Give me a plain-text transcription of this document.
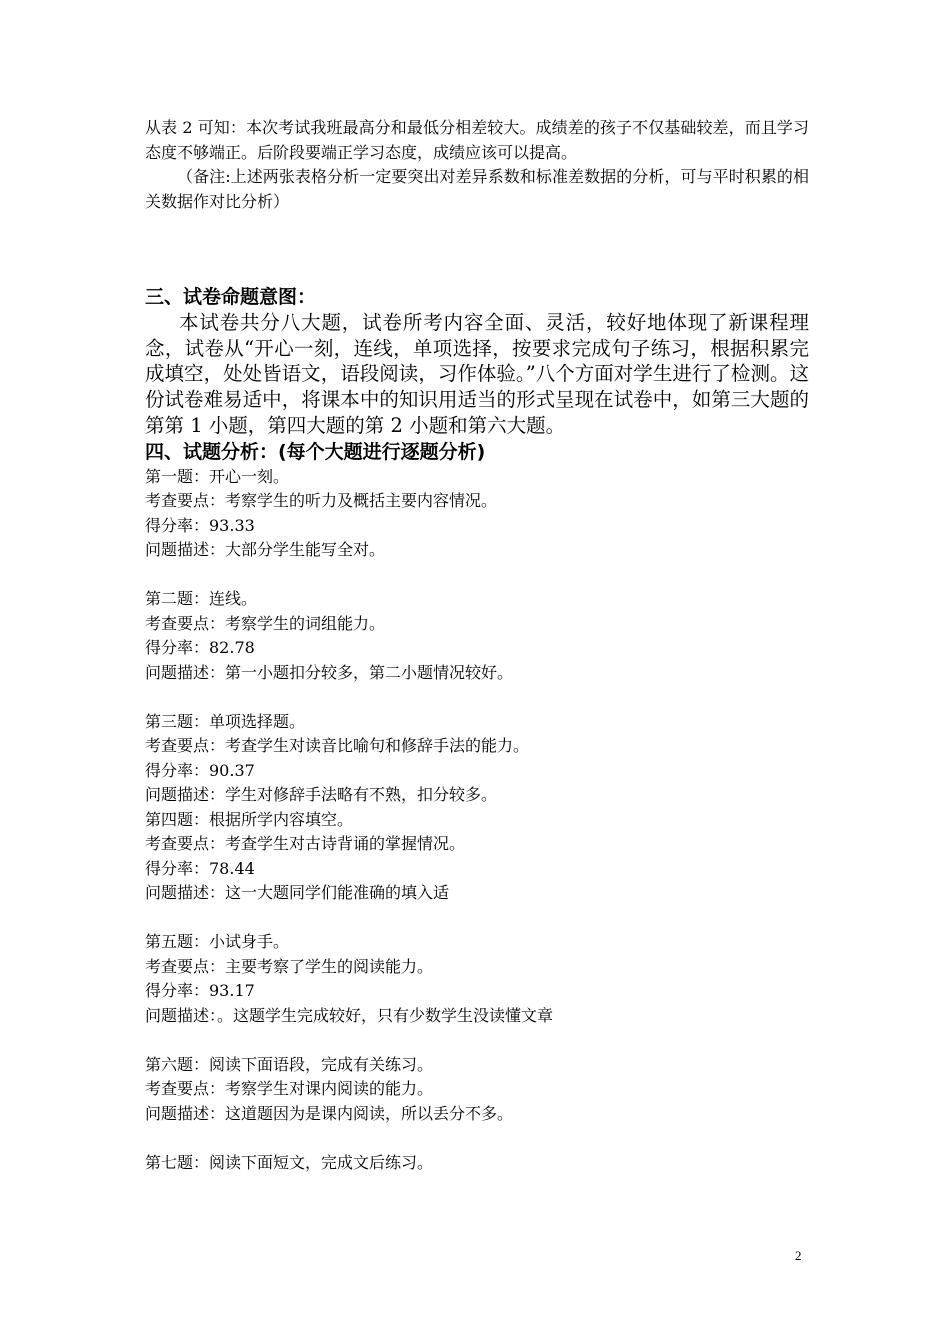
从表 2 可知：本次考试我班最高分和最低分相差较大。成绩差的孩子不仅基础较差，而且学习态度不够端正。后阶段要端正学习态度，成绩应该可以提高。

（备注:上述两张表格分析一定要突出对差异系数和标准差数据的分析，可与平时积累的相关数据作对比分析）

三、试卷命题意图：

本试卷共分八大题，试卷所考内容全面、灵活，较好地体现了新课程理念，试卷从“开心一刻，连线，单项选择，按要求完成句子练习，根据积累完成填空，处处皆语文，语段阅读，习作体验。”八个方面对学生进行了检测。这份试卷难易适中，将课本中的知识用适当的形式呈现在试卷中，如第三大题的第第 1 小题，第四大题的第 2 小题和第六大题。

四、试题分析：(每个大题进行逐题分析)

第一题：开心一刻。

考查要点：考察学生的听力及概括主要内容情况。

得分率：93.33

问题描述：大部分学生能写全对。

第二题：连线。

考查要点：考察学生的词组能力。

得分率：82.78

问题描述：第一小题扣分较多，第二小题情况较好。

第三题：单项选择题。

考查要点：考查学生对读音比喻句和修辞手法的能力。

得分率：90.37

问题描述：学生对修辞手法略有不熟，扣分较多。

第四题：根据所学内容填空。

考查要点：考查学生对古诗背诵的掌握情况。

得分率：78.44

问题描述：这一大题同学们能准确的填入适

第五题：小试身手。

考查要点：主要考察了学生的阅读能力。

得分率：93.17

问题描述：。这题学生完成较好，只有少数学生没读懂文章

第六题：阅读下面语段，完成有关练习。

考查要点：考察学生对课内阅读的能力。

问题描述：这道题因为是课内阅读，所以丢分不多。

第七题：阅读下面短文，完成文后练习。

2
